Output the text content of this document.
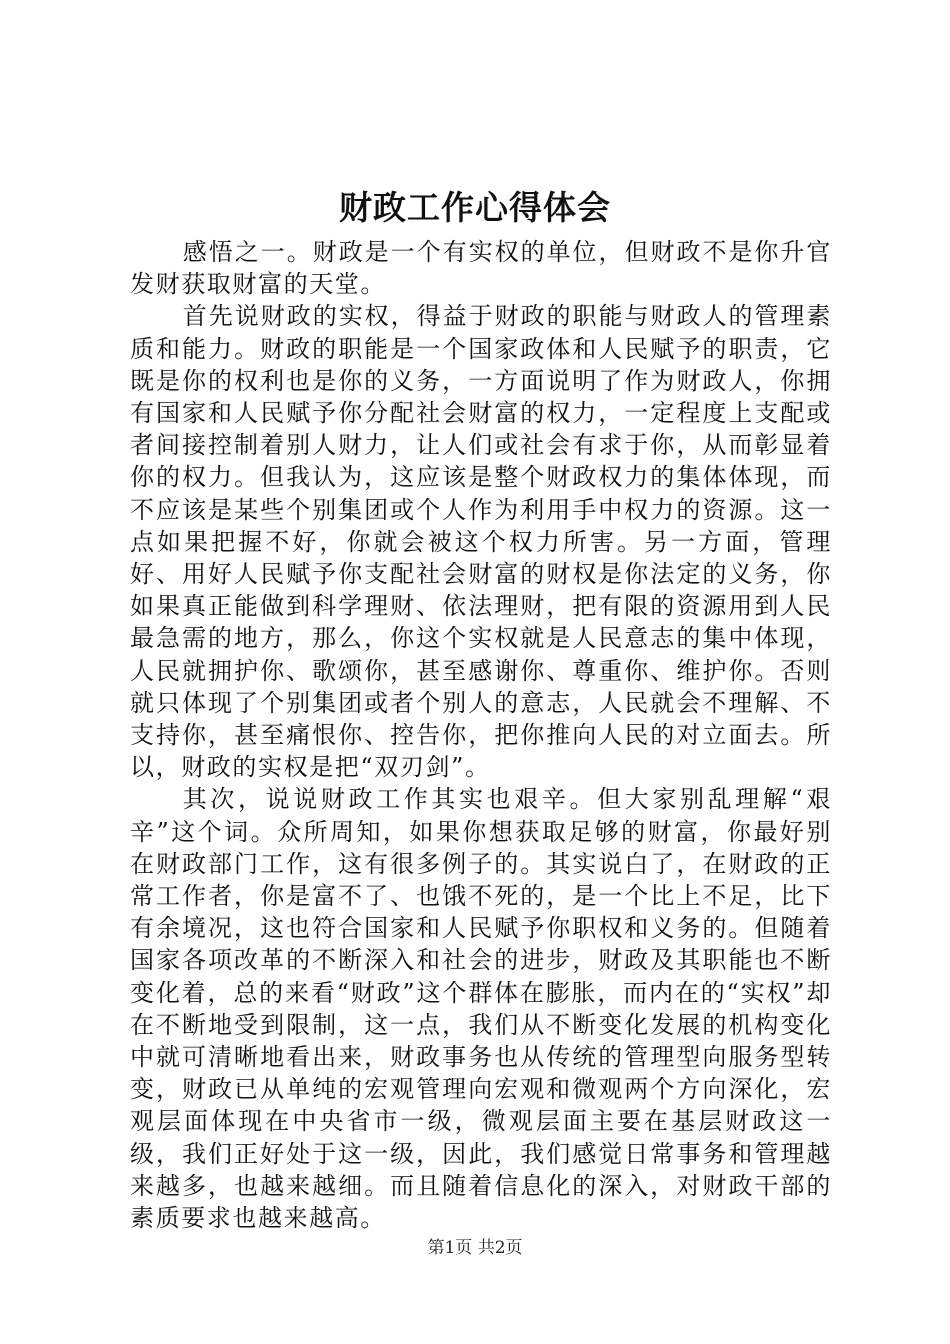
财政工作心得体会

感悟之一。财政是一个有实权的单位，但财政不是你升官发财获取财富的天堂。

首先说财政的实权，得益于财政的职能与财政人的管理素质和能力。财政的职能是一个国家政体和人民赋予的职责，它既是你的权利也是你的义务，一方面说明了作为财政人，你拥有国家和人民赋予你分配社会财富的权力，一定程度上支配或者间接控制着别人财力，让人们或社会有求于你，从而彰显着你的权力。但我认为，这应该是整个财政权力的集体体现，而不应该是某些个别集团或个人作为利用手中权力的资源。这一点如果把握不好，你就会被这个权力所害。另一方面，管理好、用好人民赋予你支配社会财富的财权是你法定的义务，你如果真正能做到科学理财、依法理财，把有限的资源用到人民最急需的地方，那么，你这个实权就是人民意志的集中体现，人民就拥护你、歌颂你，甚至感谢你、尊重你、维护你。否则就只体现了个别集团或者个别人的意志，人民就会不理解、不支持你，甚至痛恨你、控告你，把你推向人民的对立面去。所以，财政的实权是把“双刃剑”。

其次，说说财政工作其实也艰辛。但大家别乱理解“艰辛”这个词。众所周知，如果你想获取足够的财富，你最好别在财政部门工作，这有很多例子的。其实说白了，在财政的正常工作者，你是富不了、也饿不死的，是一个比上不足，比下有余境况，这也符合国家和人民赋予你职权和义务的。但随着国家各项改革的不断深入和社会的进步，财政及其职能也不断变化着，总的来看“财政”这个群体在膨胀，而内在的“实权”却在不断地受到限制，这一点，我们从不断变化发展的机构变化中就可清晰地看出来，财政事务也从传统的管理型向服务型转变，财政已从单纯的宏观管理向宏观和微观两个方向深化，宏观层面体现在中央省市一级，微观层面主要在基层财政这一级，我们正好处于这一级，因此，我们感觉日常事务和管理越来越多，也越来越细。而且随着信息化的深入，对财政干部的素质要求也越来越高。

第1页 共2页
